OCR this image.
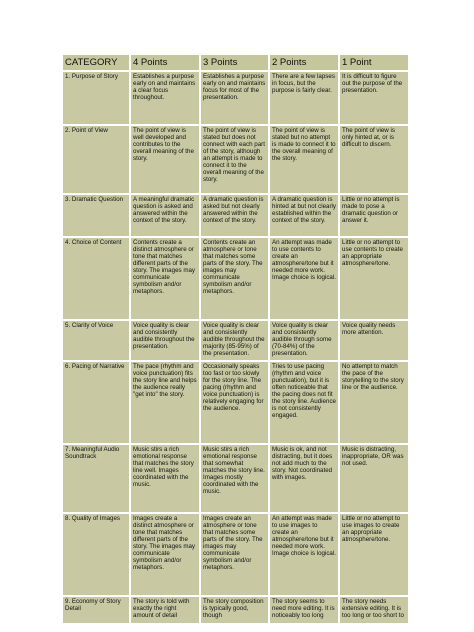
CATEGORY	4 Points	3 Points	2 Points	1 Point
1. Purpose of Story	Establishes a purpose early on and maintains a clear focus throughout.	Establishes a purpose early on and maintains focus for most of the presentation.	There are a few lapses in focus, but the purpose is fairly clear.	It is difficult to figure out the purpose of the presentation.
2. Point of View	The point of view is well developed and contributes to the overall meaning of the story.	The point of view is stated but does not connect with each part of the story, although an attempt is made to connect it to the overall meaning of the story.	The point of view is stated but no attempt is made to connect it to the overall meaning of the story.	The point of view is only hinted at, or is difficult to discern.
3. Dramatic Question	A meaningful dramatic question is asked and answered within the context of the story.	A dramatic question is asked but not clearly answered within the context of the story.	A dramatic question is hinted at but not clearly established within the context of the story.	Little or no attempt is made to pose a dramatic question or answer it.
4. Choice of Content	Contents create a distinct atmosphere or tone that matches different parts of the story. The images may communicate symbolism and/or metaphors.	Contents create an atmosphere or tone that matches some parts of the story. The images may communicate symbolism and/or metaphors.	An attempt was made to use contents to create an atmosphere/tone but it needed more work. Image choice is logical.	Little or no attempt to use contents to create an appropriate atmosphere/tone.
5. Clarity of Voice	Voice quality is clear and consistently audible throughout the presentation.	Voice quality is clear and consistently audible throughout the majority (85-95%) of the presentation.	Voice quality is clear and consistently audible through some (70-84%) of the presentation.	Voice quality needs more attention.
6. Pacing of Narrative	The pace (rhythm and voice punctuation) fits the story line and helps the audience really "get into" the story.	Occasionally speaks too fast or too slowly for the story line. The pacing (rhythm and voice punctuation) is relatively engaging for the audience.	Tries to use pacing (rhythm and voice punctuation), but it is often noticeable that the pacing does not fit the story line. Audience is not consistently engaged.	No attempt to match the pace of the storytelling to the story line or the audience.
7. Meaningful Audio Soundtrack	Music stirs a rich emotional response that matches the story line well. Images coordinated with the music.	Music stirs a rich emotional response that somewhat matches the story line. Images mostly coordinated with the music.	Music is ok, and not distracting, but it does not add much to the story. Not coordinated with images.	Music is distracting, inappropriate, OR was not used.
8. Quality of Images	Images create a distinct atmosphere or tone that matches different parts of the story. The images may communicate symbolism and/or metaphors.	Images create an atmosphere or tone that matches some parts of the story. The images may communicate symbolism and/or metaphors.	An attempt was made to use images to create an atmosphere/tone but it needed more work. Image choice is logical.	Little or no attempt to use images to create an appropriate atmosphere/tone.
9. Economy of Story Detail	The story is told with exactly the right amount of detail	The story composition is typically good, though	The story seems to need more editing. It is noticeably too long	The story needs extensive editing. It is too long or too short to
